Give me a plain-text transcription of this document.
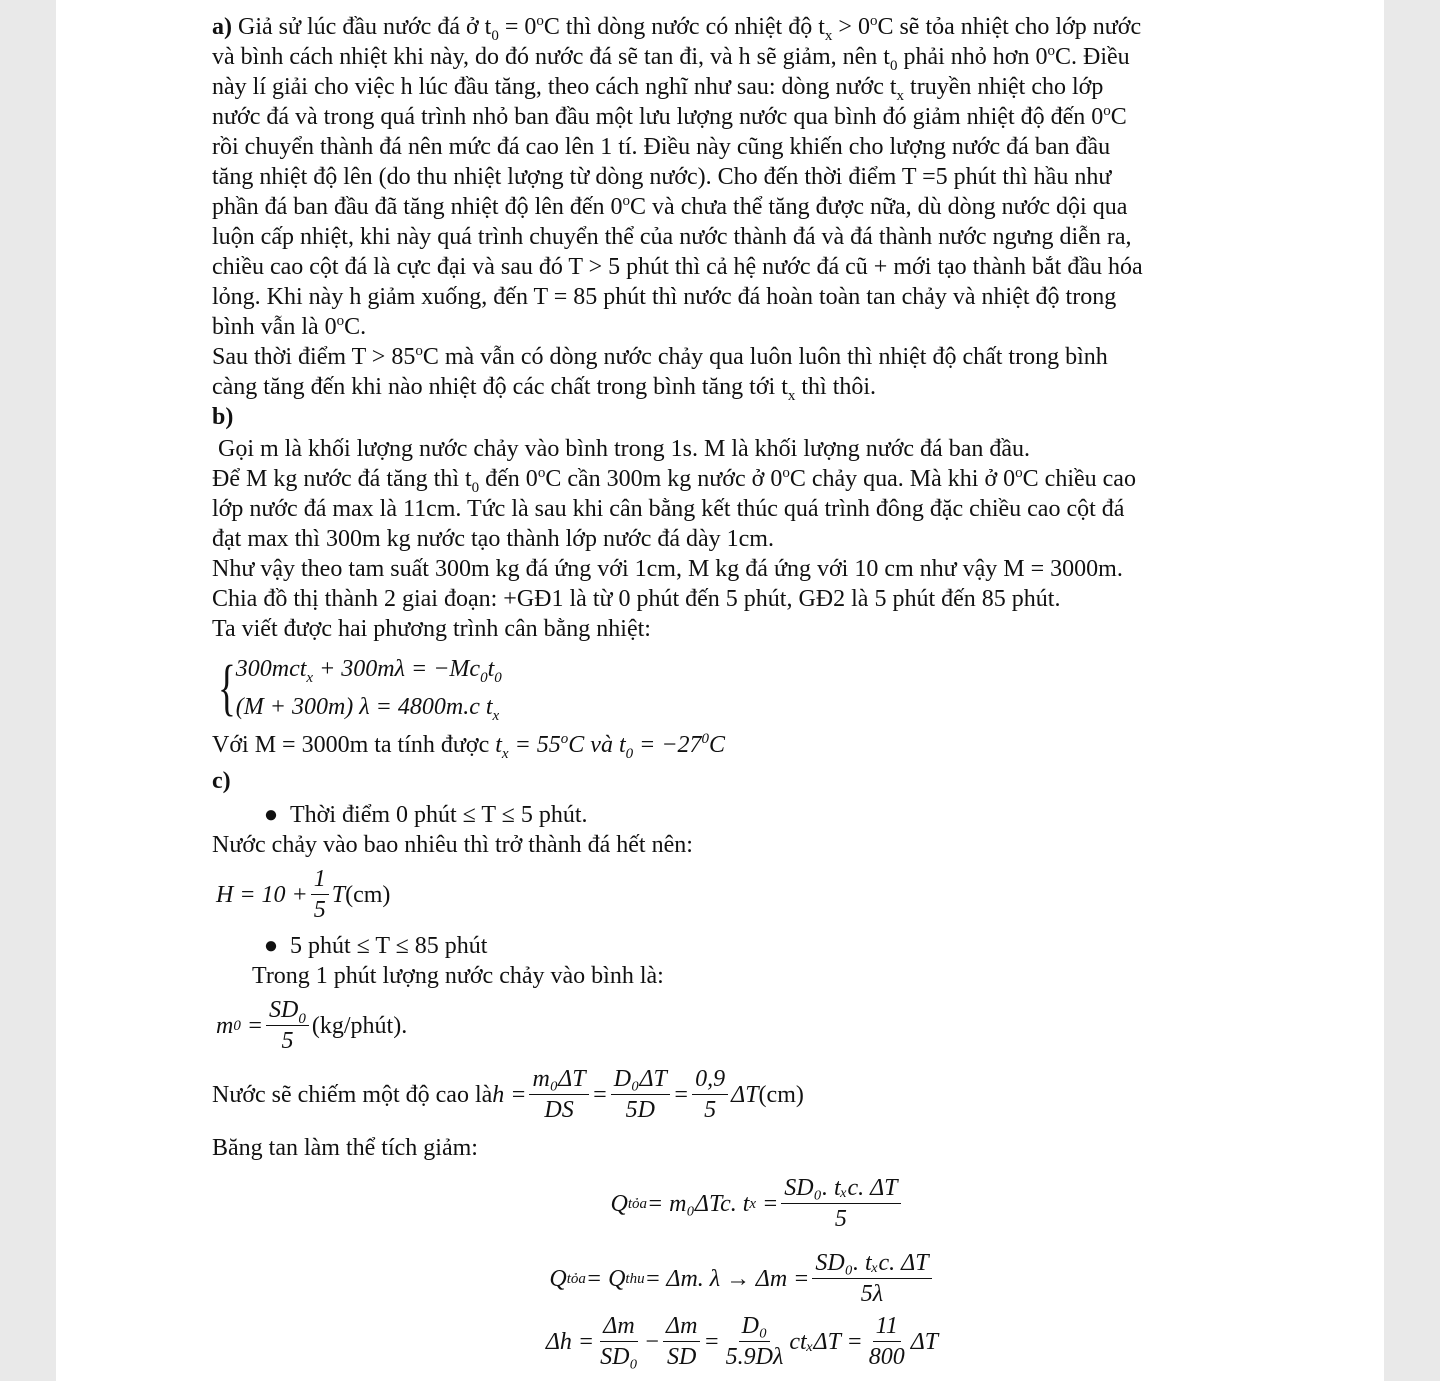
a) Giả sử lúc đầu nước đá ở $t_0 = 0^oC$ thì dòng nước có nhiệt độ $t_x > 0^oC$ sẽ tỏa nhiệt cho lớp nước

và bình cách nhiệt khi này, do đó nước đá sẽ tan đi, và h sẽ giảm, nên $t_0$ phải nhỏ hơn 0$^o$C. Điều

này lí giải cho việc h lúc đầu tăng, theo cách nghĩ như sau: dòng nước $t_x$ truyền nhiệt cho lớp

nước đá và trong quá trình nhỏ ban đầu một lưu lượng nước qua bình đó giảm nhiệt độ đến 0$^o$C

rồi chuyển thành đá nên mức đá cao lên 1 tí. Điều này cũng khiến cho lượng nước đá ban đầu

tăng nhiệt độ lên (do thu nhiệt lượng từ dòng nước). Cho đến thời điểm T =5 phút thì hầu như

phần đá ban đầu đã tăng nhiệt độ lên đến 0$^o$C và chưa thể tăng được nữa, dù dòng nước dội qua

luộn cấp nhiệt, khi này quá trình chuyển thể của nước thành đá và đá thành nước ngưng diễn ra,

chiều cao cột đá là cực đại và sau đó T > 5 phút thì cả hệ nước đá cũ + mới tạo thành bắt đầu hóa

lỏng. Khi này h giảm xuống, đến T = 85 phút thì nước đá hoàn toàn tan chảy và nhiệt độ trong

bình vẫn là 0$^o$C.

Sau thời điểm $T > 85^oC$ mà vẫn có dòng nước chảy qua luôn luôn thì nhiệt độ chất trong bình

càng tăng đến khi nào nhiệt độ các chất trong bình tăng tới $t_x$ thì thôi.

b)

Gọi m là khối lượng nước chảy vào bình trong 1s. M là khối lượng nước đá ban đầu.

Để M kg nước đá tăng thì $t_0$ đến 0$^o$C cần 300m kg nước ở 0$^o$C chảy qua. Mà khi ở 0$^o$C chiều cao

lớp nước đá max là 11cm. Tức là sau khi cân bằng kết thúc quá trình đông đặc chiều cao cột đá

đạt max thì 300m kg nước tạo thành lớp nước đá dày 1cm.

Như vậy theo tam suất 300m kg đá ứng với 1cm, M kg đá ứng với 10 cm như vậy M = 3000m.

Chia đồ thị thành 2 giai đoạn: +GĐ1 là từ 0 phút đến 5 phút, GĐ2 là 5 phút đến 85 phút.

Ta viết được hai phương trình cân bằng nhiệt:

{ $300mct_x + 300m\lambda = -Mc_0t_0$
(M + 300m) λ = 4800m.c $t_x$

Với M = 3000m ta tính được $t_x = 55^oC$ và $t_0 = -27^0C$

c)

● Thời điểm 0 phút ≤ T ≤ 5 phút.

Nước chảy vào bao nhiêu thì trở thành đá hết nên:

$H = 10 + \frac{1}{5}$ T (cm)
● 5 phút ≤ T ≤ 85 phút

Trong 1 phút lượng nước chảy vào bình là:

m $0 = \frac{SD_0}{5}$ (kg/phút).
Nước sẽ chiếm một độ cao là $h = \frac{\text{m₀ΔT}}{DS} = \frac{\text{D₀ΔT}}{5D} = \frac{0,9}{5}$ ΔT (cm)

Băng tan làm thể tích giảm:

Q tỏa = m₀ΔTc. t $x = \frac{\text{SD₀. tₓc. ΔT}}{5}$
Q tỏa = Q thu = Δm. $\lambda \to \Delta m = \frac{\text{SD₀. tₓc. ΔT}}{5\lambda}$
$\Delta h = \frac{\Delta m}{\text{SD₀}} - \frac{\Delta m}{SD} = \frac{\text{D₀}}{5.9D\lambda}$ $ct_x\Delta T = \frac{11}{800}$ ΔT
